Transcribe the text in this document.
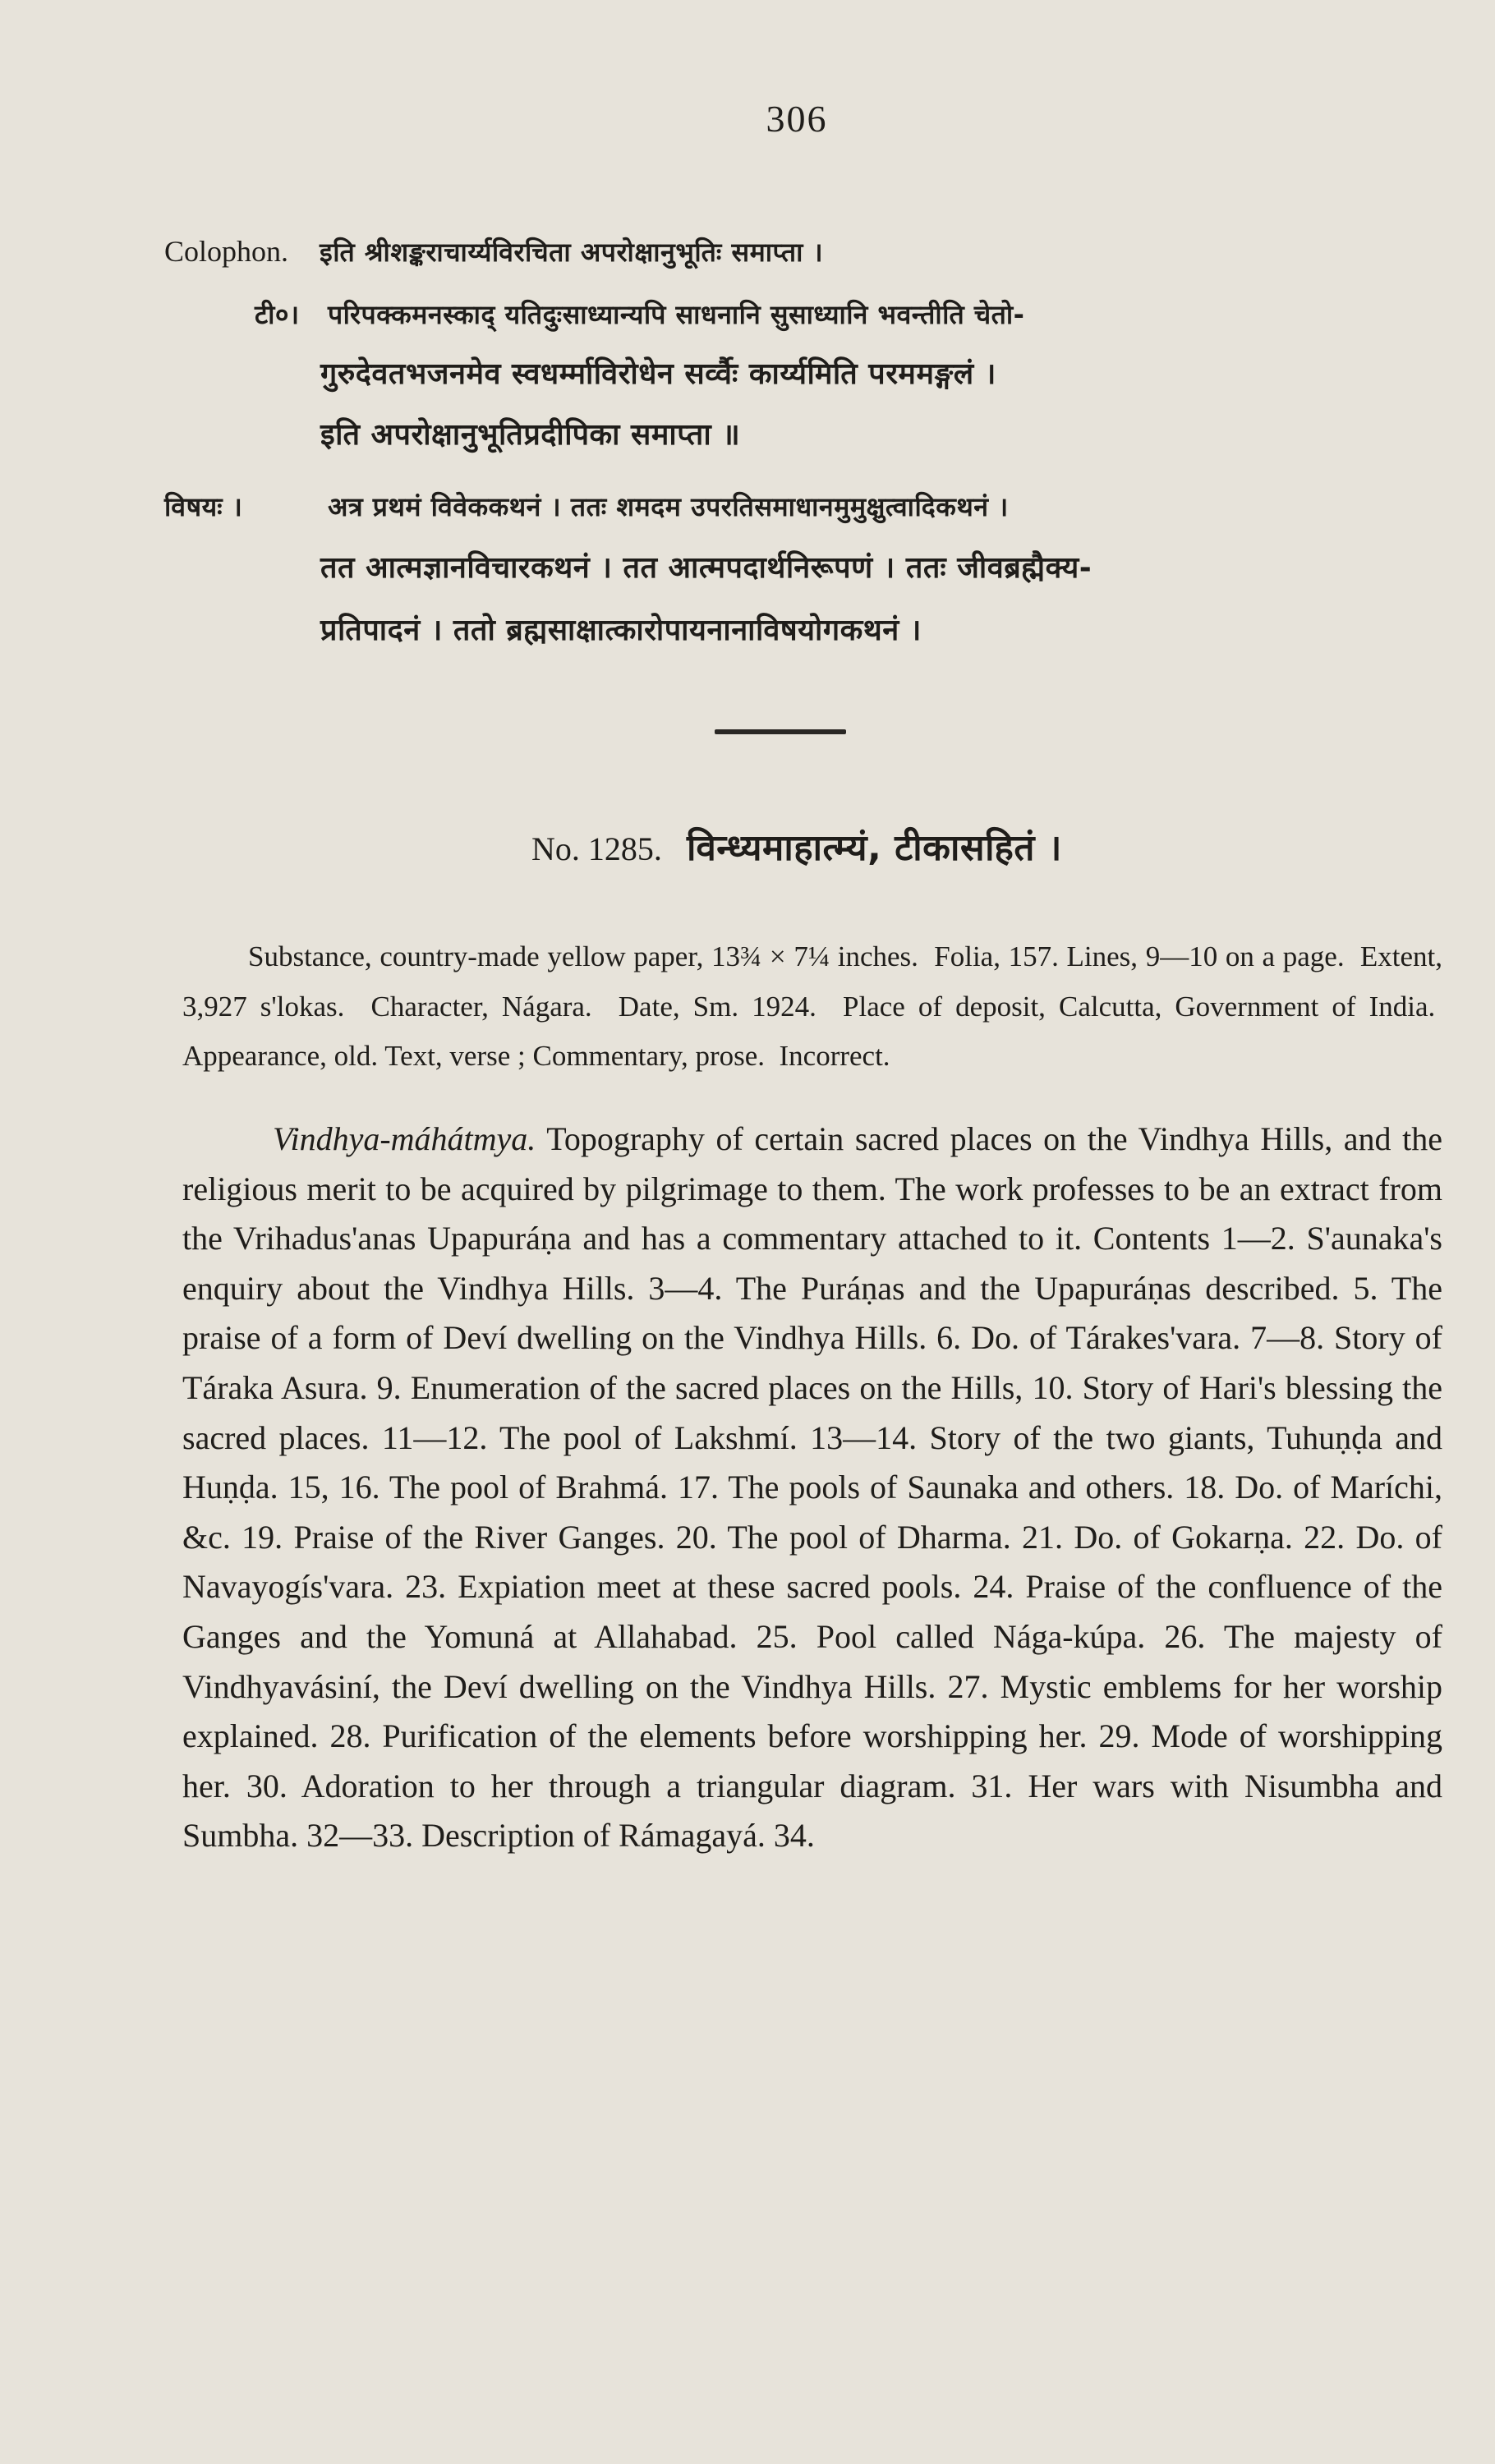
306
Colophon. इति श्रीशङ्कराचार्य्यविरचिता अपरोक्षानुभूतिः समाप्ता ।
टी०। परिपक्कमनस्काद् यतिदुःसाध्यान्यपि साधनानि सुसाध्यानि भवन्तीति चेतो-
गुरुदेवतभजनमेव स्वधर्म्माविरोधेन सर्व्वैः कार्य्यमिति परममङ्गलं ।
इति अपरोक्षानुभूतिप्रदीपिका समाप्ता ॥
विषयः ।	अत्र प्रथमं विवेककथनं । ततः शमदम उपरतिसमाधानमुमुक्षुत्वादिकथनं ।
तत आत्मज्ञानविचारकथनं । तत आत्मपदार्थनिरूपणं । ततः जीवब्रह्मैक्य-
प्रतिपादनं । ततो ब्रह्मसाक्षात्कारोपायनानाविषयोगकथनं ।
No. 1285. विन्ध्यमाहात्म्यं, टीकासहितं ।

Substance, country-made yellow paper, 13¾ × 7¼ inches. Folia, 157. Lines, 9—10 on a page. Extent, 3,927 s'lokas. Character, Nágara. Date, Sm. 1924. Place of deposit, Calcutta, Government of India.  Appearance, old. Text, verse ; Commentary, prose. Incorrect.

Vindhya-máhátmya. Topography of certain sacred places on the Vindhya Hills, and the religious merit to be acquired by pilgrimage to them. The work professes to be an extract from the Vrihadus'anas Upapuráṇa and has a commentary attached to it. Contents 1—2. S'aunaka's enquiry about the Vindhya Hills. 3—4. The Puráṇas and the Upapuráṇas described. 5. The praise of a form of Deví dwelling on the Vindhya Hills. 6. Do. of Tárakes'vara. 7—8. Story of Táraka Asura. 9. Enumeration of the sacred places on the Hills, 10. Story of Hari's blessing the sacred places. 11—12. The pool of Lakshmí. 13—14. Story of the two giants, Tuhuṇḍa and Huṇḍa. 15, 16. The pool of Brahmá. 17. The pools of Saunaka and others. 18. Do. of Maríchi, &c. 19. Praise of the River Ganges. 20. The pool of Dharma. 21. Do. of Gokarṇa. 22. Do. of Navayogís'vara. 23. Expiation meet at these sacred pools. 24. Praise of the confluence of the Ganges and the Yomuná at Allahabad. 25. Pool called Nága-kúpa. 26. The majesty of Vindhyavásiní, the Deví dwelling on the Vindhya Hills. 27. Mystic emblems for her worship explained. 28. Purification of the elements before worshipping her. 29. Mode of worshipping her. 30. Adoration to her through a triangular diagram. 31. Her wars with Nisumbha and Sumbha. 32—33. Description of Rámagayá. 34.
